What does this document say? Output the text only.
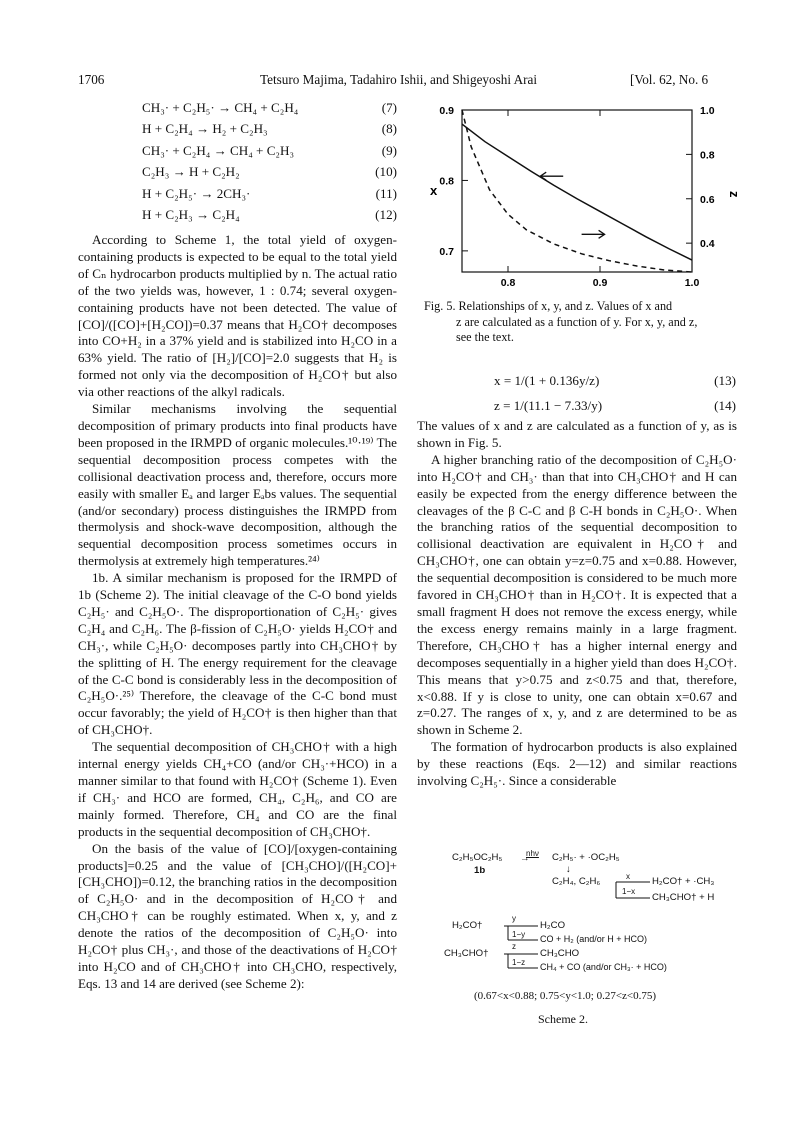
1706	Tetsuro Majima, Tadahiro Ishii, and Shigeyoshi Arai	[Vol. 62, No. 6
CH₃· + C₂H₅· → CH₄ + C₂H₄	(7)
H + C₂H₄ → H₂ + C₂H₃	(8)
CH₃· + C₂H₄ → CH₄ + C₂H₃	(9)
C₂H₃ → H + C₂H₂	(10)
H + C₂H₅· → 2CH₃·	(11)
H + C₂H₃ → C₂H₄	(12)

According to Scheme 1, the total yield of oxygen-containing products is expected to be equal to the total yield of Cₙ hydrocarbon products multiplied by n. The actual ratio of the two yields was, however, 1 : 0.74; several oxygen-containing products have not been detected. The value of [CO]/([CO]+[H₂CO])=0.37 means that H₂CO† decomposes into CO+H₂ in a 37% yield and is stabilized into H₂CO in a 63% yield. The ratio of [H₂]/[CO]=2.0 suggests that H₂ is formed not only via the decomposition of H₂CO† but also via other reactions of the alkyl radicals.

Similar mechanisms involving the sequential decomposition of primary products into final products have been proposed in the IRMPD of organic molecules.¹⁰·¹⁹⁾ The sequential decomposition process competes with the collisional deactivation process and, therefore, occurs more easily with smaller Eₐ and larger Eₐbs values. The sequential (and/or secondary) process distinguishes the IRMPD from thermolysis and shock-wave decomposition, although the sequential decomposition process sometimes occurs in thermolysis at extremely high temperatures.²⁴⁾

1b. A similar mechanism is proposed for the IRMPD of 1b (Scheme 2). The initial cleavage of the C-O bond yields C₂H₅· and C₂H₅O·. The disproportionation of C₂H₅· gives C₂H₄ and C₂H₆. The β-fission of C₂H₅O· yields H₂CO† and CH₃·, while C₂H₅O· decomposes partly into CH₃CHO† by the splitting of H. The energy requirement for the cleavage of the C-C bond is considerably less in the decomposition of C₂H₅O·.²⁵⁾ Therefore, the cleavage of the C-C bond must occur favorably; the yield of H₂CO† is then higher than that of CH₃CHO†.

The sequential decomposition of CH₃CHO† with a high internal energy yields CH₄+CO (and/or CH₃·+HCO) in a manner similar to that found with H₂CO† (Scheme 1). Even if CH₃· and HCO are formed, CH₄, C₂H₆, and CO are mainly formed. Therefore, CH₄ and CO are the final products in the sequential decomposition of CH₃CHO†.

On the basis of the value of [CO]/[oxygen-containing products]=0.25 and the value of [CH₃CHO]/([H₂CO]+[CH₃CHO])=0.12, the branching ratios in the decomposition of C₂H₅O· and in the decomposition of H₂CO† and CH₃CHO† can be roughly estimated. When x, y, and z denote the ratios of the decomposition of C₂H₅O· into H₂CO† plus CH₃·, and those of the deactivations of H₂CO† into H₂CO and of CH₃CHO† into CH₃CHO, respectively, Eqs. 13 and 14 are derived (see Scheme 2):

0.8	0.9	1.0
0.7
0.8
0.9
0.4
0.6
0.8
1.0
x
Fig. 5. Relationships of x, y, and z. Values of x and
z are calculated as a function of y. For x, y, and z,
see the text.
x = 1/(1 + 0.136y/z)	(13)
z = 1/(11.1 − 7.33/y)	(14)

The values of x and z are calculated as a function of y, as is shown in Fig. 5.

A higher branching ratio of the decomposition of C₂H₅O· into H₂CO† and CH₃· than that into CH₃CHO† and H can easily be expected from the energy difference between the cleavages of the β C-C and β C-H bonds in C₂H₅O·. When the branching ratios of the sequential decomposition to collisional deactivation are equivalent in H₂CO† and CH₃CHO†, one can obtain y=z=0.75 and x=0.88. However, the sequential decomposition is considered to be much more favored in CH₃CHO† than in H₂CO†. It is expected that a small fragment H does not remove the excess energy, while the excess energy remains mainly in a large fragment. Therefore, CH₃CHO† has a higher internal energy and decomposes sequentially in a higher yield than does H₂CO†. This means that y>0.75 and z<0.75 and that, therefore, x<0.88. If y is close to unity, one can obtain x=0.67 and z=0.27. The ranges of x, y, and z are determined to be as shown in Scheme 2.

The formation of hydrocarbon products is also explained by these reactions (Eqs. 2—12) and similar reactions involving C₂H₅·. Since a considerable

C₂H₅OC₂H₅	nhν
→ C₂H₅· + ·OC₂H₅
1b	↓
C₂H₄, C₂H₆	x H₂CO† + ·CH₃
1−x
CH₃CHO† + H
H₂CO†
y
H₂CO
1−y CO + H₂ (and/or H + HCO)
CH₃CHO†
z
CH₃CHO
1−z CH₄ + CO (and/or CH₃· + HCO)
(0.67<x<0.88; 0.75<y<1.0; 0.27<z<0.75)
Scheme 2.
